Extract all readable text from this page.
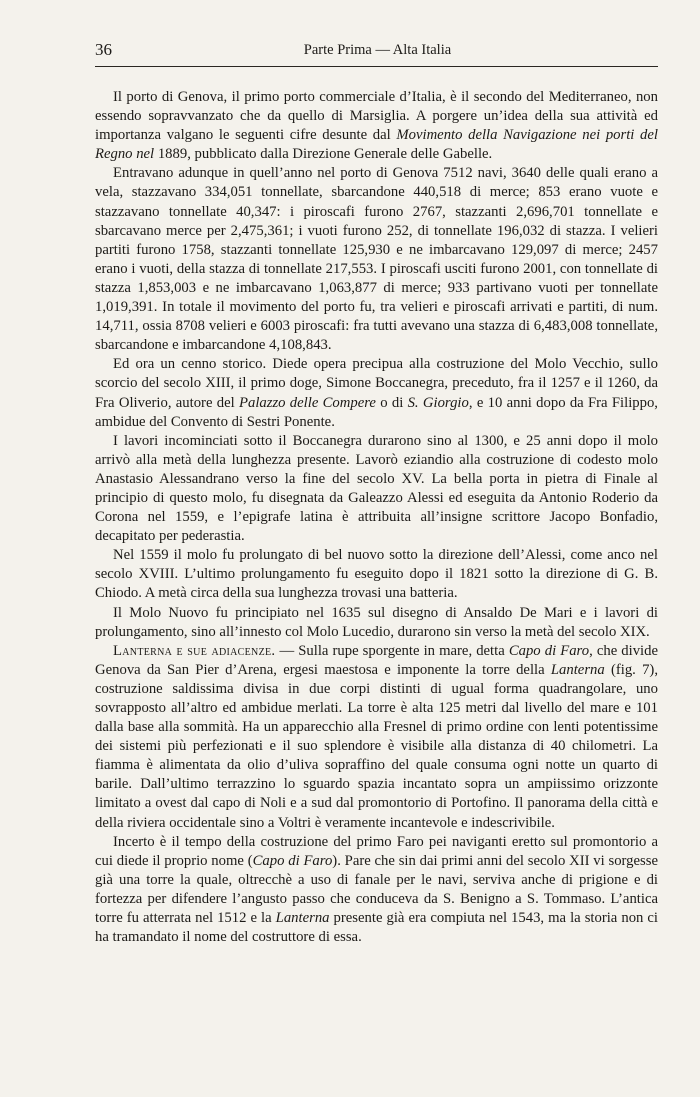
36	Parte Prima — Alta Italia

Il porto di Genova, il primo porto commerciale d’Italia, è il secondo del Mediterraneo, non essendo sopravvanzato che da quello di Marsiglia. A porgere un’idea della sua attività ed importanza valgano le seguenti cifre desunte dal Movimento della Navigazione nei porti del Regno nel 1889, pubblicato dalla Direzione Generale delle Gabelle.

Entravano adunque in quell’anno nel porto di Genova 7512 navi, 3640 delle quali erano a vela, stazzavano 334,051 tonnellate, sbarcandone 440,518 di merce; 853 erano vuote e stazzavano tonnellate 40,347: i piroscafi furono 2767, stazzanti 2,696,701 tonnellate e sbarcavano merce per 2,475,361; i vuoti furono 252, di tonnellate 196,032 di stazza. I velieri partiti furono 1758, stazzanti tonnellate 125,930 e ne imbarcavano 129,097 di merce; 2457 erano i vuoti, della stazza di tonnellate 217,553. I piroscafi usciti furono 2001, con tonnellate di stazza 1,853,003 e ne imbarcavano 1,063,877 di merce; 933 partivano vuoti per tonnellate 1,019,391. In totale il movimento del porto fu, tra velieri e piroscafi arrivati e partiti, di num. 14,711, ossia 8708 velieri e 6003 piroscafi: fra tutti avevano una stazza di 6,483,008 tonnellate, sbarcandone e imbarcandone 4,108,843.

Ed ora un cenno storico. Diede opera precipua alla costruzione del Molo Vecchio, sullo scorcio del secolo XIII, il primo doge, Simone Boccanegra, preceduto, fra il 1257 e il 1260, da Fra Oliverio, autore del Palazzo delle Compere o di S. Giorgio, e 10 anni dopo da Fra Filippo, ambidue del Convento di Sestri Ponente.

I lavori incominciati sotto il Boccanegra durarono sino al 1300, e 25 anni dopo il molo arrivò alla metà della lunghezza presente. Lavorò eziandio alla costruzione di codesto molo Anastasio Alessandrano verso la fine del secolo XV. La bella porta in pietra di Finale al principio di questo molo, fu disegnata da Galeazzo Alessi ed eseguita da Antonio Roderio da Corona nel 1559, e l’epigrafe latina è attribuita all’insigne scrittore Jacopo Bonfadio, decapitato per pederastia.

Nel 1559 il molo fu prolungato di bel nuovo sotto la direzione dell’Alessi, come anco nel secolo XVIII. L’ultimo prolungamento fu eseguito dopo il 1821 sotto la direzione di G. B. Chiodo. A metà circa della sua lunghezza trovasi una batteria.

Il Molo Nuovo fu principiato nel 1635 sul disegno di Ansaldo De Mari e i lavori di prolungamento, sino all’innesto col Molo Lucedio, durarono sin verso la metà del secolo XIX.

Lanterna e sue adiacenze. — Sulla rupe sporgente in mare, detta Capo di Faro, che divide Genova da San Pier d’Arena, ergesi maestosa e imponente la torre della Lanterna (fig. 7), costruzione saldissima divisa in due corpi distinti di ugual forma quadrangolare, uno sovrapposto all’altro ed ambidue merlati. La torre è alta 125 metri dal livello del mare e 101 dalla base alla sommità. Ha un apparecchio alla Fresnel di primo ordine con lenti potentissime dei sistemi più perfezionati e il suo splendore è visibile alla distanza di 40 chilometri. La fiamma è alimentata da olio d’uliva sopraffino del quale consuma ogni notte un quarto di barile. Dall’ultimo terrazzino lo sguardo spazia incantato sopra un ampiissimo orizzonte limitato a ovest dal capo di Noli e a sud dal promontorio di Portofino. Il panorama della città e della riviera occidentale sino a Voltri è veramente incantevole e indescrivibile.

Incerto è il tempo della costruzione del primo Faro pei naviganti eretto sul promontorio a cui diede il proprio nome (Capo di Faro). Pare che sin dai primi anni del secolo XII vi sorgesse già una torre la quale, oltrecchè a uso di fanale per le navi, serviva anche di prigione e di fortezza per difendere l’angusto passo che conduceva da S. Benigno a S. Tommaso. L’antica torre fu atterrata nel 1512 e la Lanterna presente già era compiuta nel 1543, ma la storia non ci ha tramandato il nome del costruttore di essa.
